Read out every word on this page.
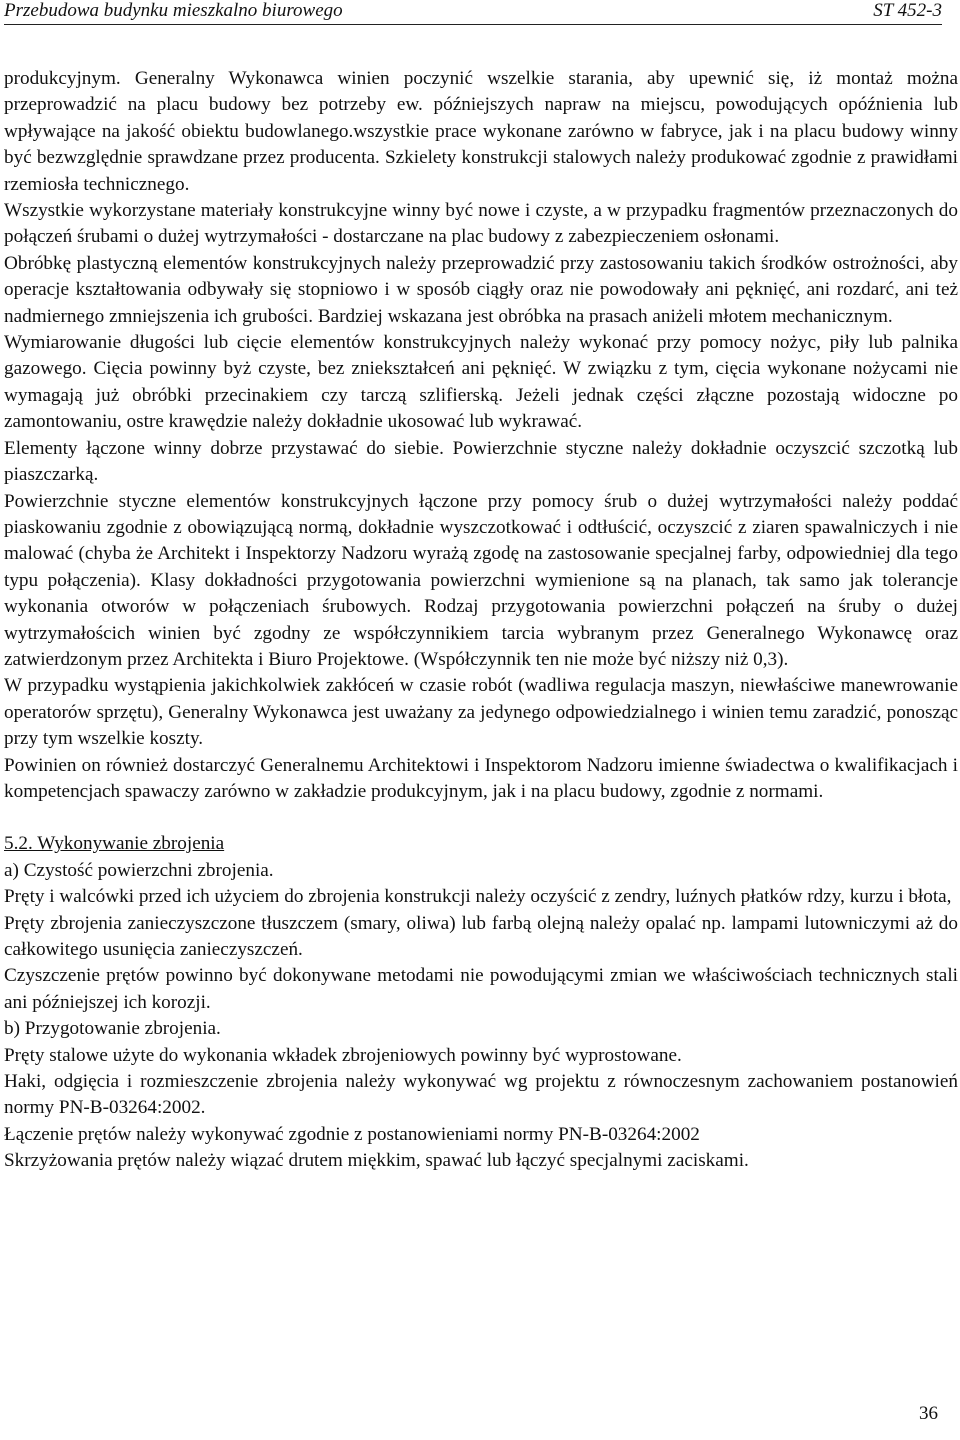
Przebudowa budynku mieszkalno biurowego	ST 452-3

produkcyjnym. Generalny Wykonawca winien poczynić wszelkie starania, aby upewnić się, iż montaż można przeprowadzić na placu budowy bez potrzeby ew. późniejszych napraw na miejscu, powodujących opóźnienia lub wpływające na jakość obiektu budowlanego.wszystkie prace wykonane zarówno w fabryce, jak i na placu budowy winny być bezwzględnie sprawdzane przez producenta. Szkielety konstrukcji stalowych należy produkować zgodnie z prawidłami rzemiosła technicznego.

Wszystkie wykorzystane materiały konstrukcyjne winny być nowe i czyste, a w przypadku fragmentów przeznaczonych do połączeń śrubami o dużej wytrzymałości - dostarczane na plac budowy z zabezpieczeniem osłonami.

Obróbkę plastyczną elementów konstrukcyjnych należy przeprowadzić przy zastosowaniu takich środków ostrożności, aby operacje kształtowania odbywały się stopniowo i w sposób ciągły oraz nie powodowały ani pęknięć, ani rozdarć, ani też nadmiernego zmniejszenia ich grubości. Bardziej wskazana jest obróbka na prasach aniżeli młotem mechanicznym.

Wymiarowanie długości lub cięcie elementów konstrukcyjnych należy wykonać przy pomocy nożyc, piły lub palnika gazowego. Cięcia powinny byż czyste, bez zniekształceń ani pęknięć. W związku z tym, cięcia wykonane nożycami nie wymagają już obróbki przecinakiem czy tarczą szlifierską. Jeżeli jednak części złączne pozostają widoczne po zamontowaniu, ostre krawędzie należy dokładnie ukosować lub wykrawać.

Elementy łączone winny dobrze przystawać do siebie. Powierzchnie styczne należy dokładnie oczyszcić szczotką lub piaszczarką.

Powierzchnie styczne elementów konstrukcyjnych łączone przy pomocy śrub o dużej wytrzymałości należy poddać piaskowaniu zgodnie z obowiązującą normą, dokładnie wyszczotkować i odtłuścić, oczyszcić z ziaren spawalniczych i nie malować (chyba że Architekt i Inspektorzy Nadzoru wyrażą zgodę na zastosowanie specjalnej farby, odpowiedniej dla tego typu połączenia). Klasy dokładności przygotowania powierzchni wymienione są na planach, tak samo jak tolerancje wykonania otworów w połączeniach śrubowych. Rodzaj przygotowania powierzchni połączeń na śruby o dużej wytrzymałościch winien być zgodny ze współczynnikiem tarcia wybranym przez Generalnego Wykonawcę oraz zatwierdzonym przez Architekta i Biuro Projektowe. (Współczynnik ten nie może być niższy niż 0,3).

W przypadku wystąpienia jakichkolwiek zakłóceń w czasie robót (wadliwa regulacja maszyn, niewłaściwe manewrowanie operatorów sprzętu), Generalny Wykonawca jest uważany za jedyn​ego odpowiedzialnego i winien temu zaradzić, ponosząc przy tym wszelkie koszty.

Powinien on również dostarczyć Generalnemu Architektowi i Inspektorom Nadzoru imienne świadectwa o kwalifikacjach i kompetencjach spawaczy zarówno w zakładzie produkcyjnym, jak i na placu budowy, zgodnie z normami.

5.2. Wykonywanie zbrojenia

a) Czystość powierzchni zbrojenia.

Pręty i walcówki przed ich użyciem do zbrojenia konstrukcji należy oczyścić z zendry, luźnych płatków rdzy, kurzu i błota,

Pręty zbrojenia zanieczyszczone tłuszczem (smary, oliwa) lub farbą olejną należy opalać np. lampami lutowniczymi aż do całkowitego usunięcia zanieczyszczeń.

Czyszczenie prętów powinno być dokonywane metodami nie powodującymi zmian we właściwościach technicznych stali ani późniejszej ich korozji.

b) Przygotowanie zbrojenia.

Pręty stalowe użyte do wykonania wkładek zbrojeniowych powinny być wyprostowane.

Haki, odgięcia i rozmieszczenie zbrojenia należy wykonywać wg projektu z równoczesnym zachowaniem postanowień normy PN-B-03264:2002.

Łączenie prętów należy wykonywać zgodnie z postanowieniami normy PN-B-03264:2002

Skrzyżowania prętów należy wiązać drutem miękkim, spawać lub łączyć specjalnymi zaciskami.

36
